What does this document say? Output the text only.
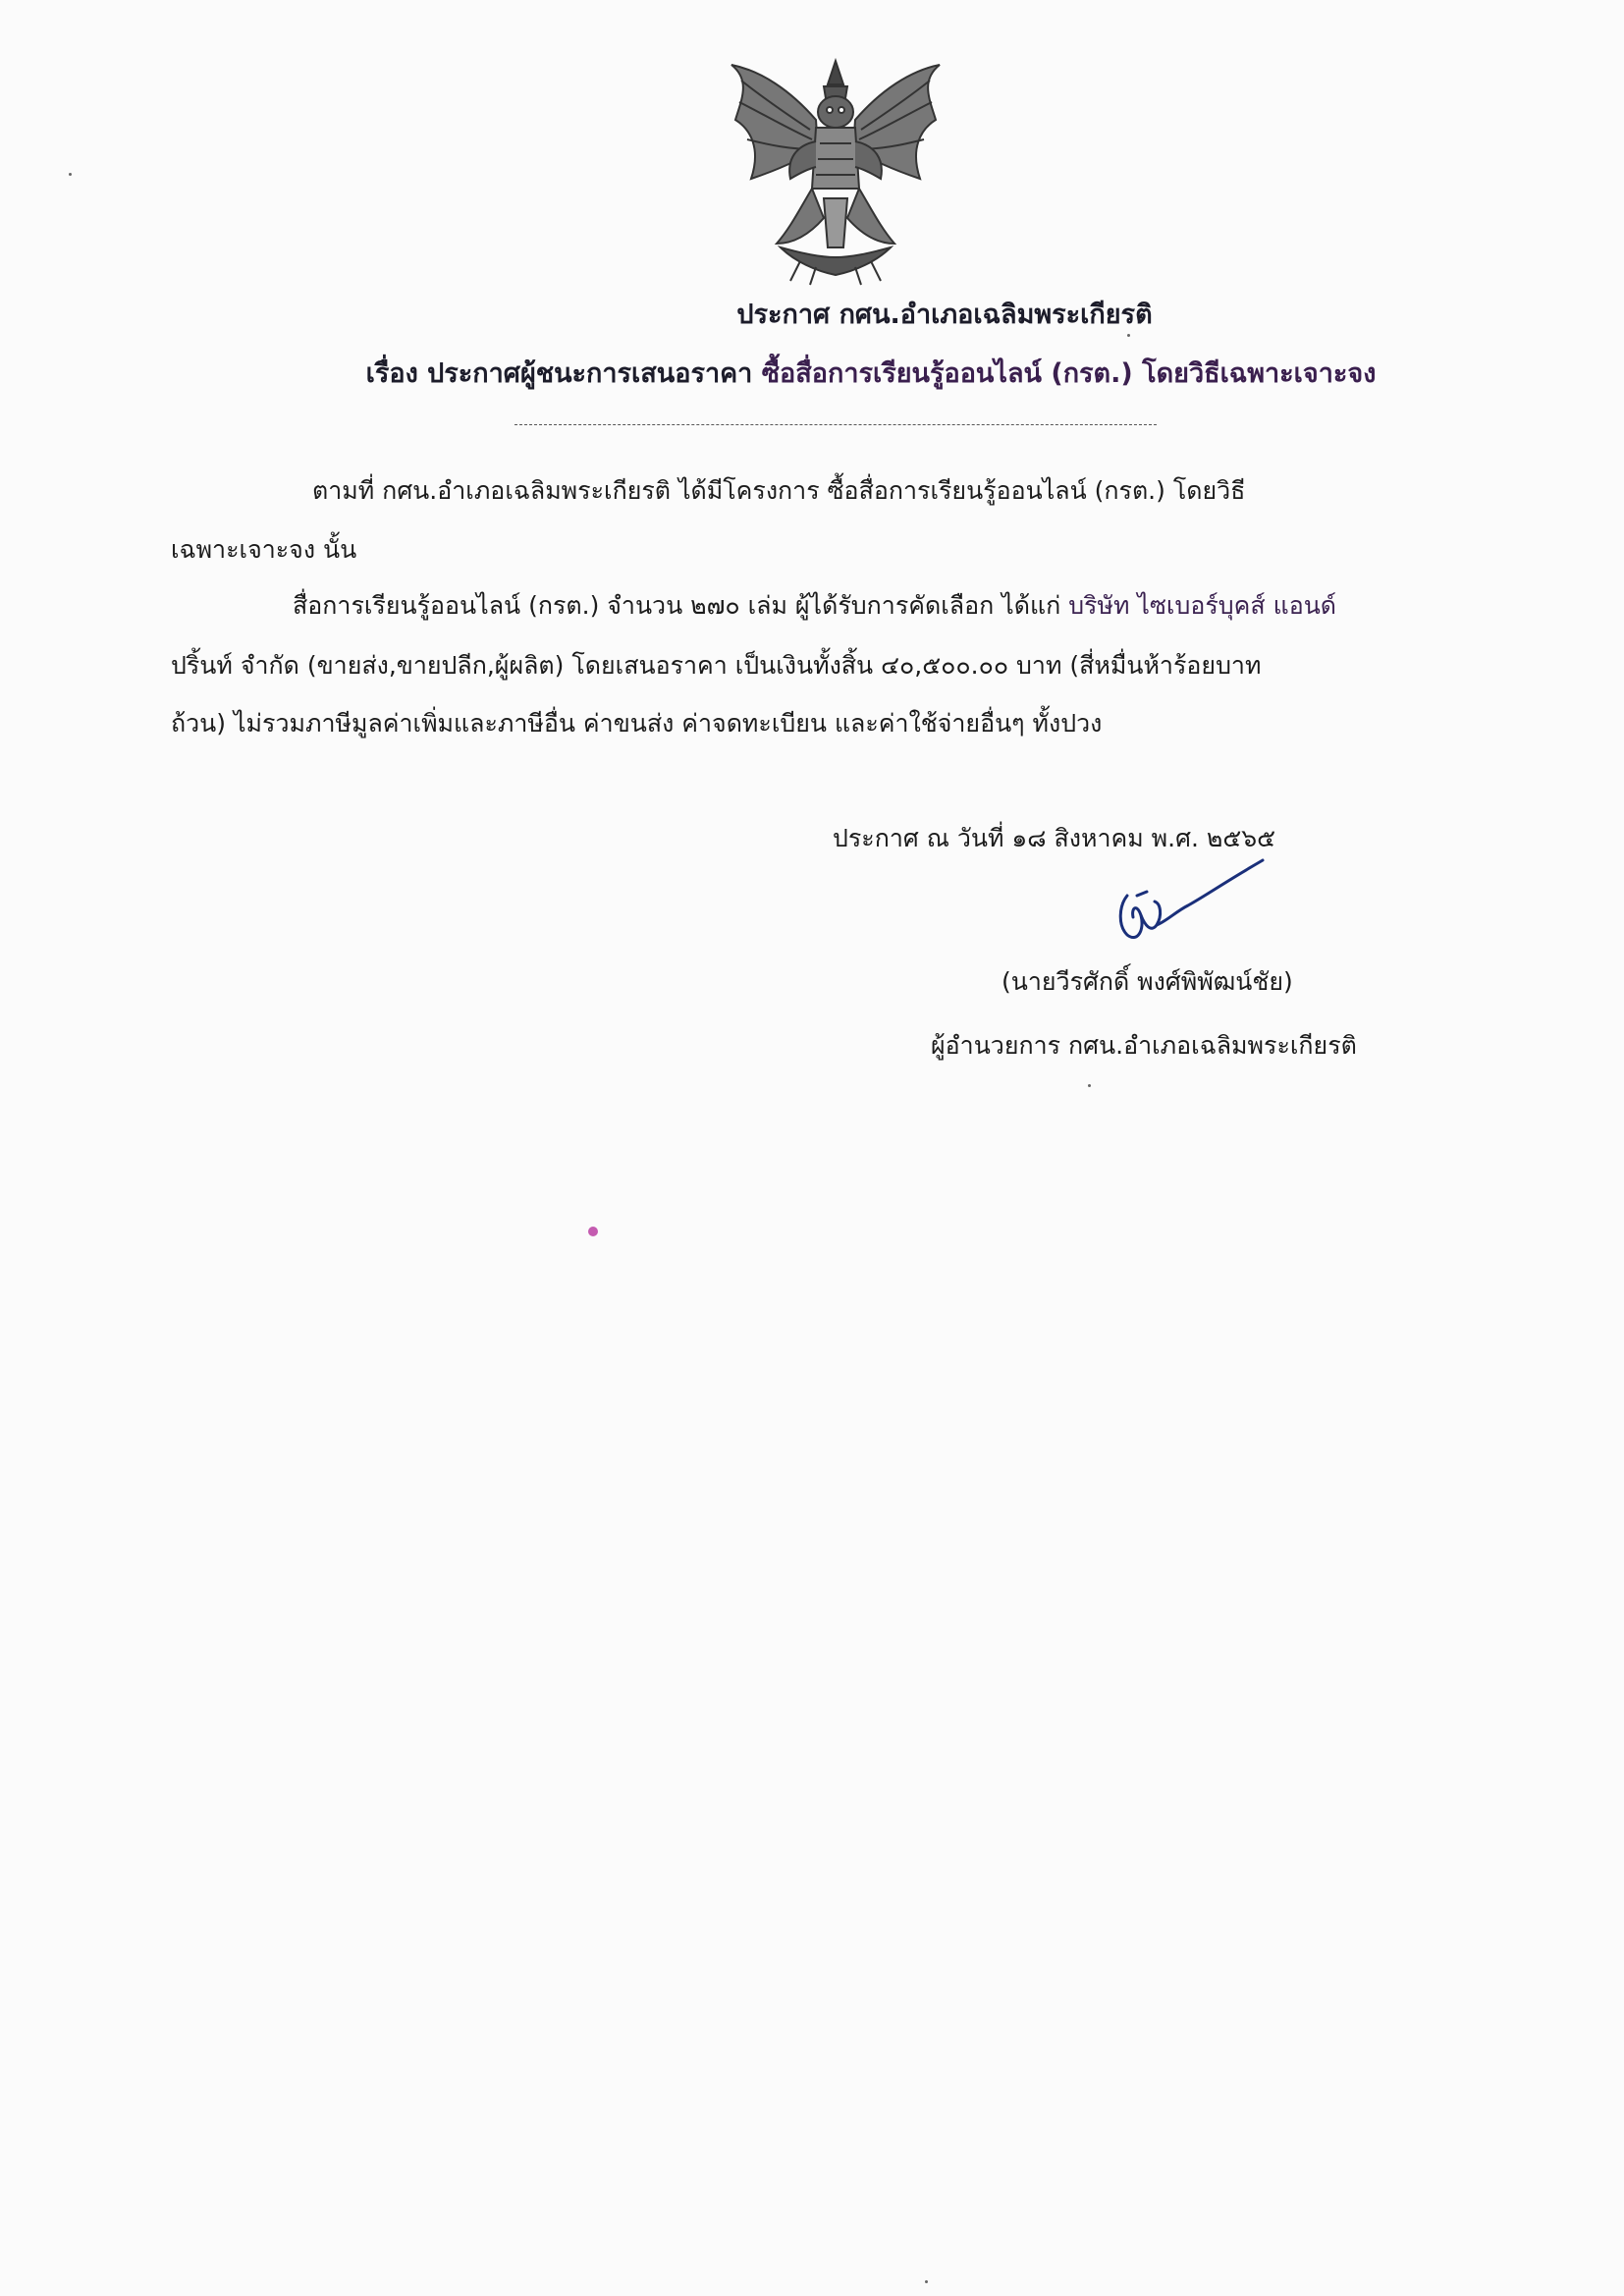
ประกาศ กศน.อำเภอเฉลิมพระเกียรติ
เรื่อง ประกาศผู้ชนะการเสนอราคา ซื้อสื่อการเรียนรู้ออนไลน์ (กรต.) โดยวิธีเฉพาะเจาะจง
ตามที่ กศน.อำเภอเฉลิมพระเกียรติ ได้มีโครงการ ซื้อสื่อการเรียนรู้ออนไลน์ (กรต.) โดยวิธี
เฉพาะเจาะจง นั้น
สื่อการเรียนรู้ออนไลน์ (กรต.) จำนวน ๒๗๐ เล่ม ผู้ได้รับการคัดเลือก ได้แก่ บริษัท ไซเบอร์บุคส์ แอนด์
ปริ้นท์ จำกัด (ขายส่ง,ขายปลีก,ผู้ผลิต) โดยเสนอราคา เป็นเงินทั้งสิ้น ๔๐,๕๐๐.๐๐ บาท (สี่หมื่นห้าร้อยบาท
ถ้วน) ไม่รวมภาษีมูลค่าเพิ่มและภาษีอื่น ค่าขนส่ง ค่าจดทะเบียน และค่าใช้จ่ายอื่นๆ ทั้งปวง
ประกาศ ณ วันที่ ๑๘ สิงหาคม พ.ศ. ๒๕๖๕
(นายวีรศักดิ์ พงศ์พิพัฒน์ชัย)
ผู้อำนวยการ กศน.อำเภอเฉลิมพระเกียรติ
